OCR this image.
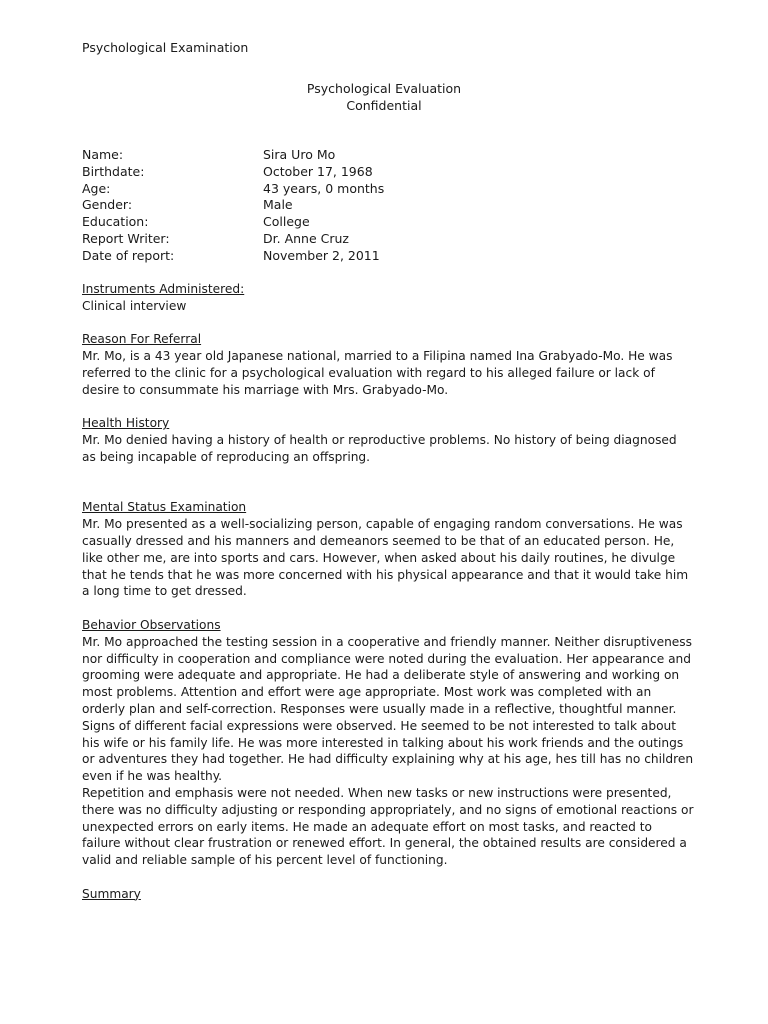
Psychological Examination
Psychological Evaluation
Confidential
Name:	Sira Uro Mo
Birthdate:	October 17, 1968
Age:	43 years, 0 months
Gender:	Male
Education:	College
Report Writer:	Dr. Anne Cruz
Date of report:	November 2, 2011
Instruments Administered:
Clinical interview
Reason For Referral
Mr. Mo, is a 43 year old Japanese national, married to a Filipina named Ina Grabyado-Mo. He was referred to the clinic for a psychological evaluation with regard to his alleged failure or lack of desire to consummate his marriage with Mrs. Grabyado-Mo.
Health History
Mr. Mo denied having a history of health or reproductive problems. No history of being diagnosed as being incapable of reproducing an offspring.
Mental Status Examination
Mr. Mo presented as a well-socializing person, capable of engaging random conversations. He was casually dressed and his manners and demeanors seemed to be that of an educated person. He, like other me, are into sports and cars. However, when asked about his daily routines, he divulge that he tends that he was more concerned with his physical appearance and that it would take him a long time to get dressed.
Behavior Observations
Mr. Mo approached the testing session in a cooperative and friendly manner. Neither disruptiveness nor difficulty in cooperation and compliance were noted during the evaluation. Her appearance and grooming were adequate and appropriate. He had a deliberate style of answering and working on most problems. Attention and effort were age appropriate. Most work was completed with an orderly plan and self-correction. Responses were usually made in a reflective, thoughtful manner.
Signs of different facial expressions were observed. He seemed to be not interested to talk about his wife or his family life. He was more interested in talking about his work friends and the outings or adventures they had together. He had difficulty explaining why at his age, hes till has no children even if he was healthy.
Repetition and emphasis were not needed. When new tasks or new instructions were presented, there was no difficulty adjusting or responding appropriately, and no signs of emotional reactions or unexpected errors on early items. He made an adequate effort on most tasks, and reacted to failure without clear frustration or renewed effort. In general, the obtained results are considered a valid and reliable sample of his percent level of functioning.
Summary
